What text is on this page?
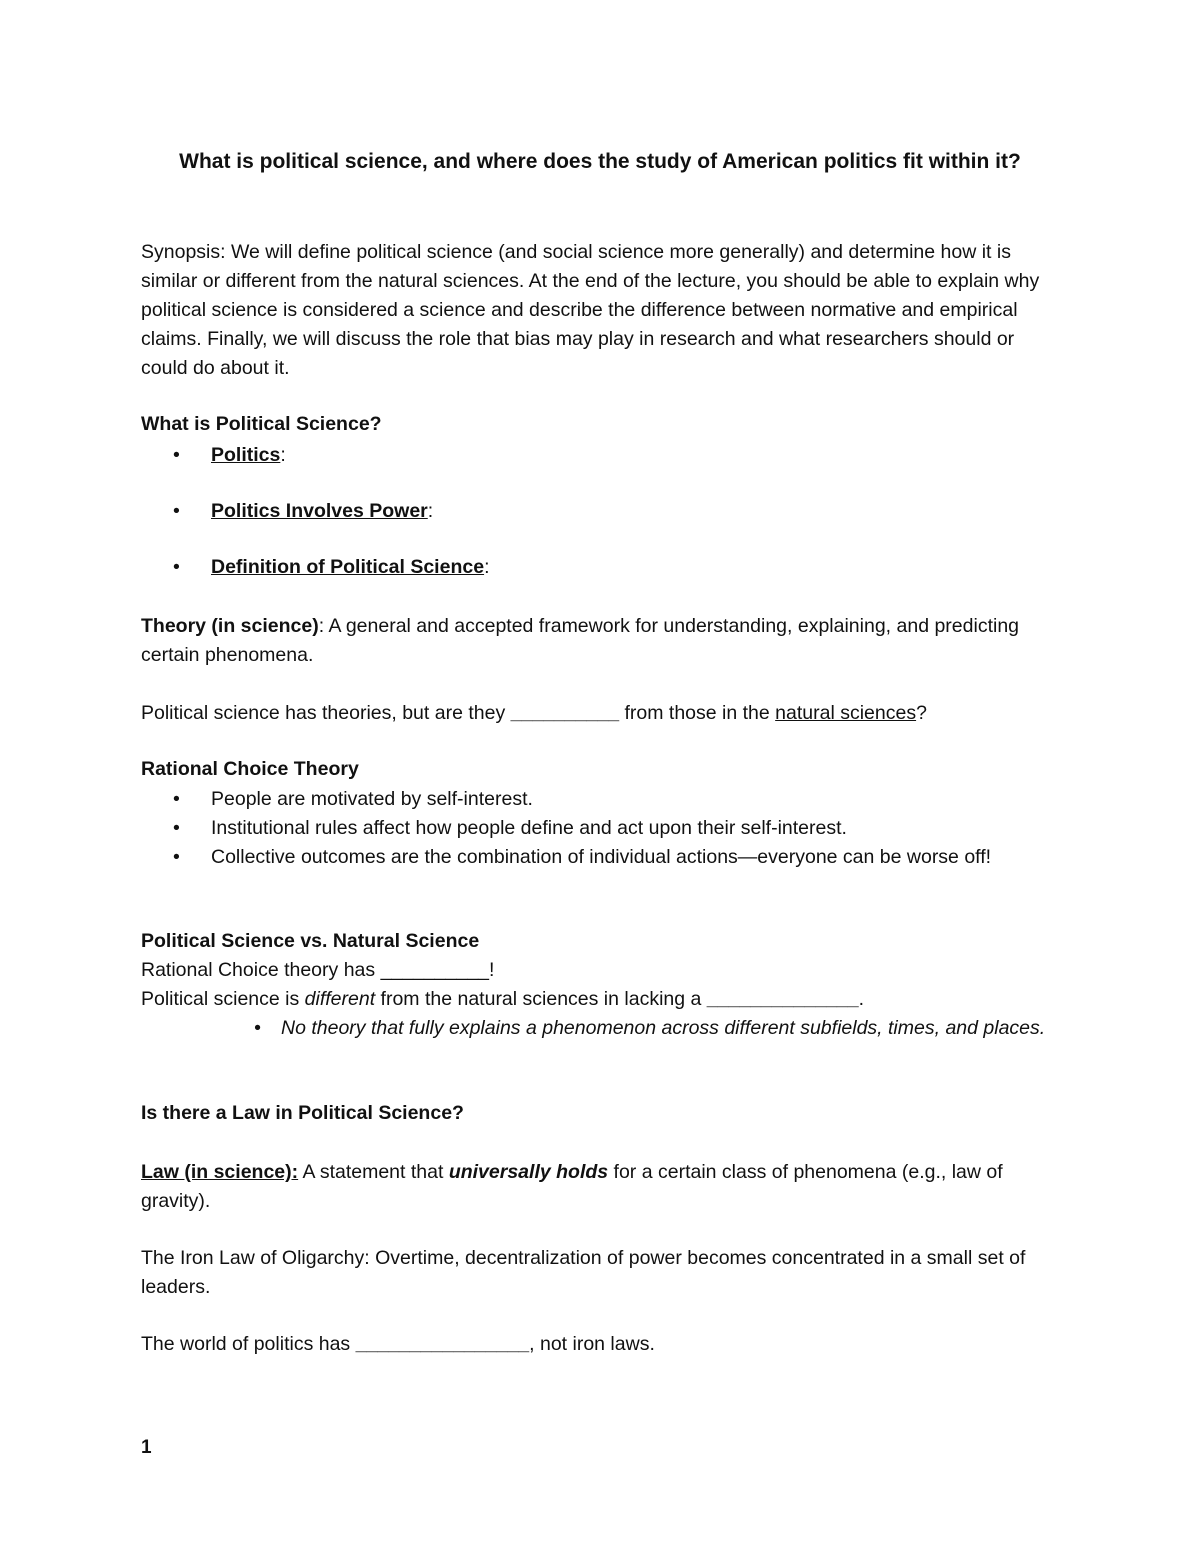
What is political science, and where does the study of American politics fit within it?
Synopsis: We will define political science (and social science more generally) and determine how it is similar or different from the natural sciences. At the end of the lecture, you should be able to explain why political science is considered a science and describe the difference between normative and empirical claims. Finally, we will discuss the role that bias may play in research and what researchers should or could do about it.
What is Political Science?
• Politics:
• Politics Involves Power:
• Definition of Political Science:
Theory (in science): A general and accepted framework for understanding, explaining, and predicting certain phenomena.
Political science has theories, but are they __________ from those in the natural sciences?
Rational Choice Theory
• People are motivated by self-interest.
• Institutional rules affect how people define and act upon their self-interest.
• Collective outcomes are the combination of individual actions—everyone can be worse off!
Political Science vs. Natural Science
Rational Choice theory has __________!
Political science is different from the natural sciences in lacking a ______________.
• No theory that fully explains a phenomenon across different subfields, times, and places.
Is there a Law in Political Science?
Law (in science): A statement that universally holds for a certain class of phenomena (e.g., law of gravity).
The Iron Law of Oligarchy: Overtime, decentralization of power becomes concentrated in a small set of leaders.
The world of politics has ________________, not iron laws.
1
